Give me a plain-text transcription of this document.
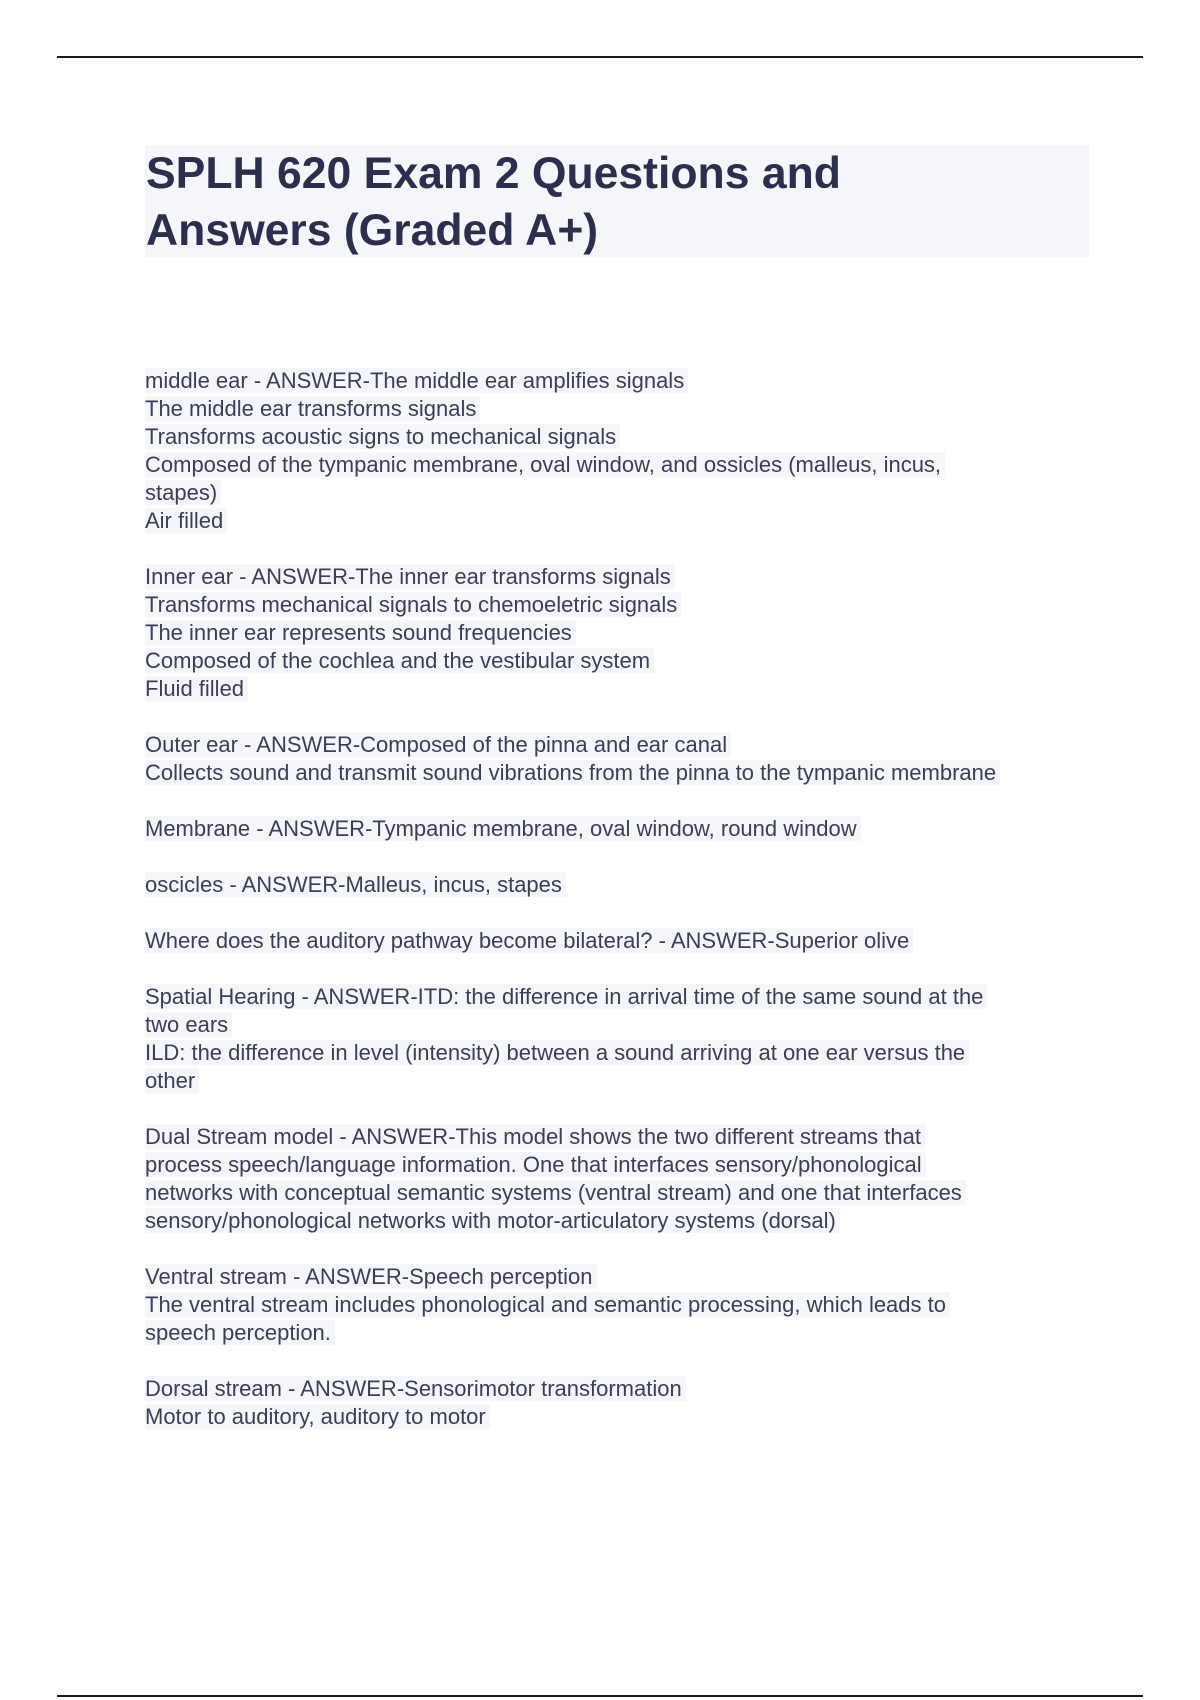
SPLH 620 Exam 2 Questions and
Answers (Graded A+)
middle ear - ANSWER-The middle ear amplifies signals
The middle ear transforms signals
Transforms acoustic signs to mechanical signals
Composed of the tympanic membrane, oval window, and ossicles (malleus, incus,
stapes)
Air filled
Inner ear - ANSWER-The inner ear transforms signals
Transforms mechanical signals to chemoeletric signals
The inner ear represents sound frequencies
Composed of the cochlea and the vestibular system
Fluid filled
Outer ear - ANSWER-Composed of the pinna and ear canal
Collects sound and transmit sound vibrations from the pinna to the tympanic membrane
Membrane - ANSWER-Tympanic membrane, oval window, round window
oscicles - ANSWER-Malleus, incus, stapes
Where does the auditory pathway become bilateral? - ANSWER-Superior olive
Spatial Hearing - ANSWER-ITD: the difference in arrival time of the same sound at the
two ears
ILD: the difference in level (intensity) between a sound arriving at one ear versus the
other
Dual Stream model - ANSWER-This model shows the two different streams that
process speech/language information. One that interfaces sensory/phonological
networks with conceptual semantic systems (ventral stream) and one that interfaces
sensory/phonological networks with motor-articulatory systems (dorsal)
Ventral stream - ANSWER-Speech perception
The ventral stream includes phonological and semantic processing, which leads to
speech perception.
Dorsal stream - ANSWER-Sensorimotor transformation
Motor to auditory, auditory to motor
